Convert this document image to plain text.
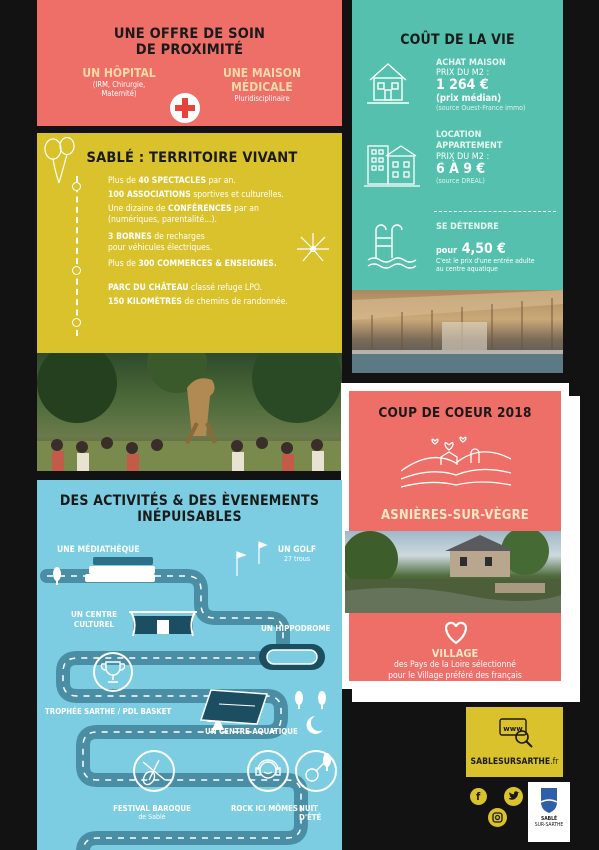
UNE OFFRE DE SOIN
DE PROXIMITÉ
UN HÔPITAL
(IRM, Chirurgie,
Maternité)
UNE MAISON
MÉDICALE
Pluridisciplinaire
COÛT DE LA VIE
ACHAT MAISON
PRIX DU M2 :
1 264 €
(prix médian)
(source Ouest-France immo)
LOCATION
APPARTEMENT
PRIX DU M2 :
6 À 9 €
(source DREAL)
SE DÉTENDRE
pour 4,50 €
C'est le prix d'une entrée adulte
au centre aquatique
SABLÉ : TERRITOIRE VIVANT
Plus de 40 SPECTACLES par an.
100 ASSOCIATIONS sportives et culturelles.
Une dizaine de CONFÉRENCES par an
(numériques, parentalité...).
3 BORNES de recharges
pour véhicules électriques.
Plus de 300 COMMERCES & ENSEIGNES.
PARC DU CHÂTEAU classé refuge LPO.
150 KILOMÈTRES de chemins de randonnée.
COUP DE COEUR 2018
ASNIÈRES-SUR-VÈGRE
VILLAGE
des Pays de la Loire sélectionné
pour le Village préféré des français
DES ACTIVITÉS & DES ÈVENEMENTS
INÉPUISABLES
UNE MÉDIATHÈQUE	UN GOLF
27 trous
UN CENTRE
CULTUREL	UN HIPPODROME
TROPHÉE SARTHE / PDL BASKET
UN CENTRE AQUATIQUE
FESTIVAL BAROQUE
de Sablé
ROCK ICI MÔMES NUIT D'ÉTÉ
www
SABLESURSARTHE.fr
f
SABLÉ
SUR-SARTHE
